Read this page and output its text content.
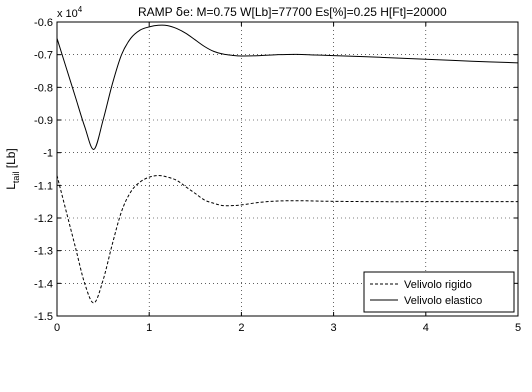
RAMP δe: M=0.75 W[Lb]=77700 Es[%]=0.25 H[Ft]=20000
x $10^4$
-0.6
-0.7
-0.8
-0.9
-1
-1.1
-1.2
-1.3
-1.4
-1.5
0	1	2	3	4	5
$L_{tail}$ [Lb]
Velivolo rigido
Velivolo elastico
